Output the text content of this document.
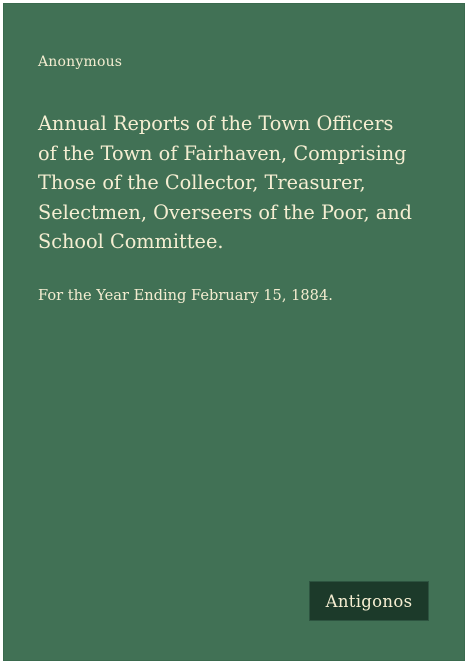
Anonymous
Annual Reports of the Town Officers
of the Town of Fairhaven, Comprising
Those of the Collector, Treasurer,
Selectmen, Overseers of the Poor, and
School Committee.

For the Year Ending February 15, 1884.

Antigonos
